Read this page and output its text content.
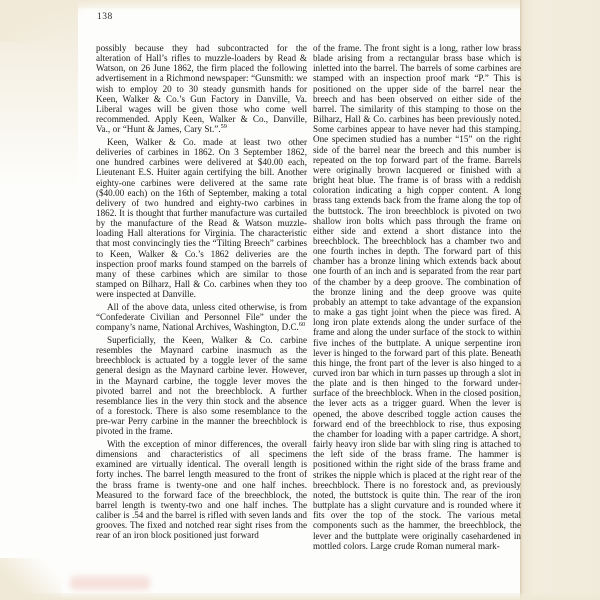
138

possibly because they had subcontracted for the alteration of Hall’s rifles to muzzle-loaders by Read & Watson, on 26 June 1862, the firm placed the following advertisement in a Richmond newspaper: “Gunsmith: we wish to employ 20 to 30 steady gunsmith hands for Keen, Walker & Co.’s Gun Factory in Danville, Va. Liberal wages will be given those who come well recommended. Apply Keen, Walker & Co., Danville, Va., or “Hunt & James, Cary St.”.$^{59}$

Keen, Walker & Co. made at least two other deliveries of carbines in 1862. On 3 September 1862, one hundred carbines were delivered at $40.00 each, Lieutenant E.S. Huiter again certifying the bill. Another eighty-one carbines were delivered at the same rate ($40.00 each) on the 16th of September, making a total delivery of two hundred and eighty-two carbines in 1862. It is thought that further manufacture was curtailed by the manufacture of the Read & Watson muzzle-loading Hall alterations for Virginia. The characteristic that most convincingly ties the “Tilting Breech” carbines to Keen, Walker & Co.’s 1862 deliveries are the inspection proof marks found stamped on the barrels of many of these carbines which are similar to those stamped on Bilharz, Hall & Co. carbines when they too were inspected at Danville.

All of the above data, unless cited otherwise, is from “Confederate Civilian and Personnel File” under the company’s name, National Archives, Washington, D.C.$^{60}$

Superficially, the Keen, Walker & Co. carbine resembles the Maynard carbine inasmuch as the breechblock is actuated by a toggle lever of the same general design as the Maynard carbine lever. However, in the Maynard carbine, the toggle lever moves the pivoted barrel and not the breechblock. A further resemblance lies in the very thin stock and the absence of a forestock. There is also some resemblance to the pre-war Perry carbine in the manner the breechblock is pivoted in the frame.

With the exception of minor differences, the overall dimensions and characteristics of all specimens examined are virtually identical. The overall length is forty inches. The barrel length measured to the front of the brass frame is twenty-one and one half inches. Measured to the forward face of the breechblock, the barrel length is twenty-two and one half inches. The caliber is .54 and the barrel is rifled with seven lands and grooves. The fixed and notched rear sight rises from the rear of an iron block positioned just forward

of the frame. The front sight is a long, rather low brass blade arising from a rectangular brass base which is inletted into the barrel. The barrels of some carbines are stamped with an inspection proof mark “P.” This is positioned on the upper side of the barrel near the breech and has been observed on either side of the barrel. The similarity of this stamping to those on the Bilharz, Hall & Co. carbines has been previously noted. Some carbines appear to have never had this stamping. One specimen studied has a number “15” on the right side of the barrel near the breech and this number is repeated on the top forward part of the frame. Barrels were originally brown lacquered or finished with a bright heat blue. The frame is of brass with a reddish coloration indicating a high copper content. A long brass tang extends back from the frame along the top of the buttstock. The iron breechblock is pivoted on two shallow iron bolts which pass through the frame on either side and extend a short distance into the breechblock. The breechblock has a chamber two and one fourth inches in depth. The forward part of this chamber has a bronze lining which extends back about one fourth of an inch and is separated from the rear part of the chamber by a deep groove. The combination of the bronze lining and the deep groove was quite probably an attempt to take advantage of the expansion to make a gas tight joint when the piece was fired. A long iron plate extends along the under surface of the frame and along the under surface of the stock to within five inches of the buttplate. A unique serpentine iron lever is hinged to the forward part of this plate. Beneath this hinge, the front part of the lever is also hinged to a curved iron bar which in turn passes up through a slot in the plate and is then hinged to the forward under-surface of the breechblock. When in the closed position, the lever acts as a trigger guard. When the lever is opened, the above described toggle action causes the forward end of the breechblock to rise, thus exposing the chamber for loading with a paper cartridge. A short, fairly heavy iron slide bar with sling ring is attached to the left side of the brass frame. The hammer is positioned within the right side of the brass frame and strikes the nipple which is placed at the right rear of the breechblock. There is no forestock and, as previously noted, the buttstock is quite thin. The rear of the iron buttplate has a slight curvature and is rounded where it fits over the top of the stock. The various metal components such as the hammer, the breechblock, the lever and the buttplate were originally casehardened in mottled colors. Large crude Roman numeral mark-
